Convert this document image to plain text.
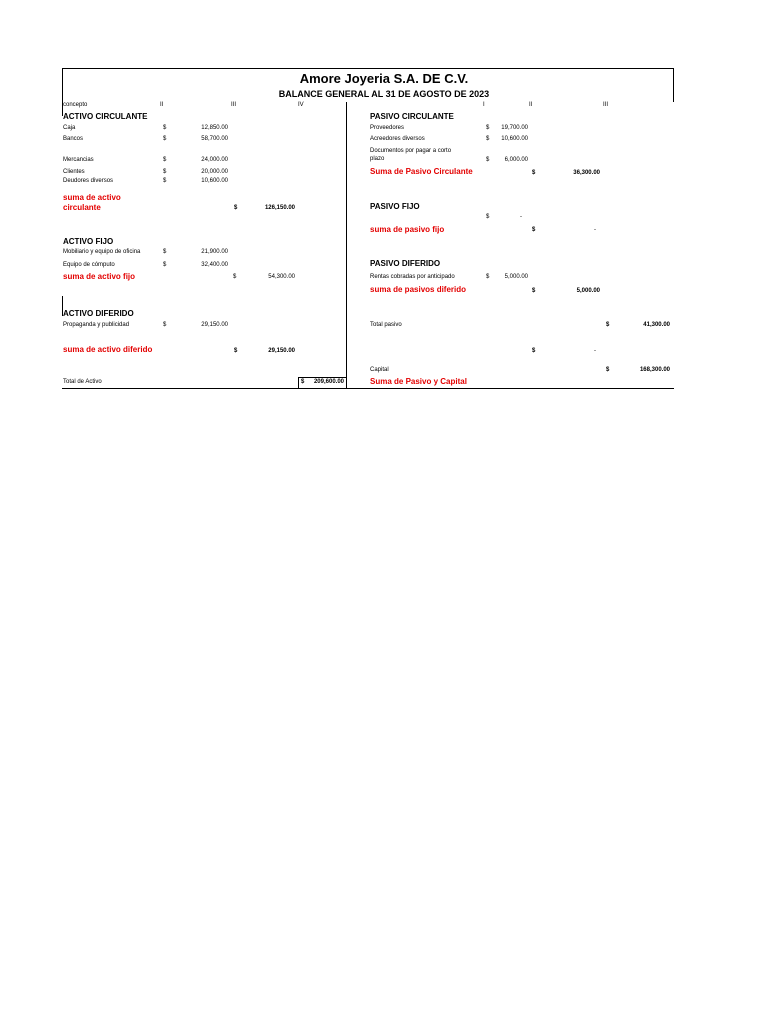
Amore Joyeria S.A. DE C.V.
BALANCE GENERAL AL 31 DE AGOSTO DE 2023
concepto	II	III	IV	I	II	III
ACTIVO CIRCULANTE
Caja	$	12,850.00
Bancos	$	58,700.00
Mercancias	$	24,000.00
Clientes	$	20,000.00
Deudores diversos	$	10,600.00
suma de activo
circulante	$	126,150.00
ACTIVO FIJO
Mobiliario y equipo de oficina	$	21,900.00
Equipo de cómputo	$	32,400.00
suma de activo fijo	$	54,300.00
ACTIVO DIFERIDO
Propaganda y publicidad	$	29,150.00
suma de activo diferido	$	29,150.00
Total de Activo	$	209,600.00
PASIVO CIRCULANTE
Proveedores	$	19,700.00
Acreedores diversos	$	10,600.00
Documentos por pagar a corto
plazo	$	6,000.00
Suma de Pasivo Circulante	$	36,300.00
PASIVO FIJO
$	-
suma de pasivo fijo	$	-
PASIVO DIFERIDO
Rentas cobradas por anticipado	$	5,000.00
suma de pasivos diferido	$	5,000.00
Total pasivo	$	41,300.00
$	-
Capital	$	168,300.00
Suma de Pasivo y Capital
